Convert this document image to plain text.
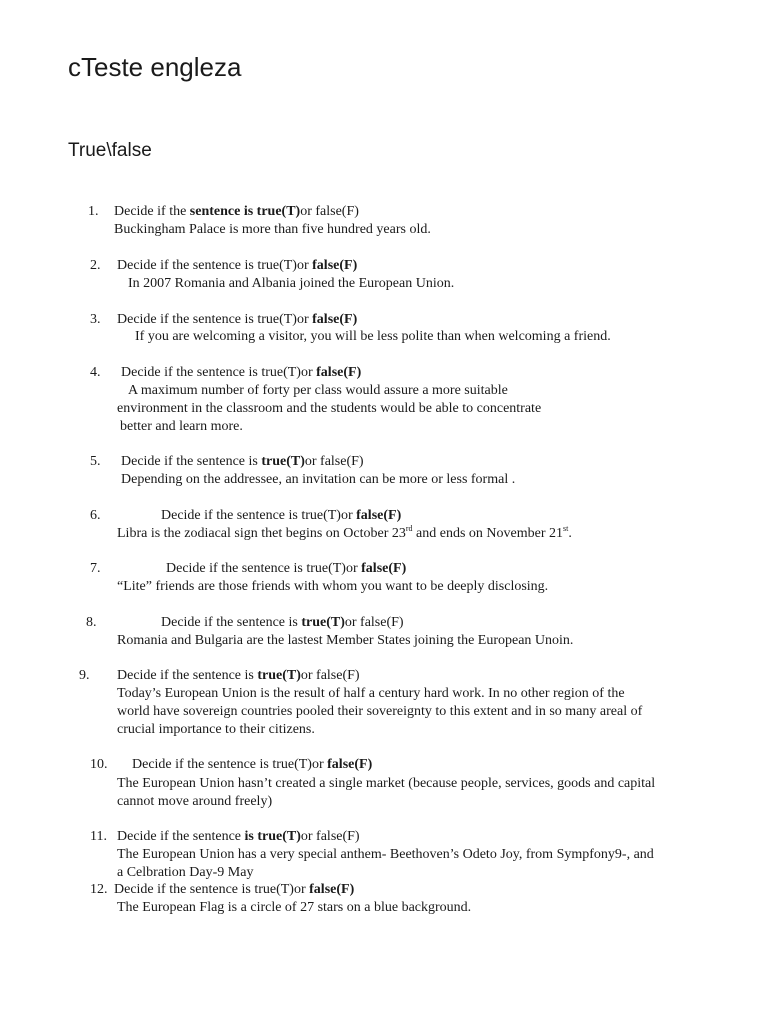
cTeste engleza
True\false
1. Decide if the sentence is true(T)or false(F)
Buckingham Palace is more than five hundred years old.
2. Decide if the sentence is true(T)or false(F)
In 2007 Romania and Albania joined the European Union.
3. Decide if the sentence is true(T)or false(F)
If you are welcoming a visitor, you will be less polite than when welcoming a friend.
4. Decide if the sentence is true(T)or false(F)
A maximum number of forty per class would assure a more suitable
environment in the classroom and the students would be able to concentrate
better and learn more.
5. Decide if the sentence is true(T)or false(F)
Depending on the addressee, an invitation can be more or less formal .
6.	Decide if the sentence is true(T)or false(F)
Libra is the zodiacal sign thet begins on October 23rd and ends on November 21st.
7.	Decide if the sentence is true(T)or false(F)
“Lite” friends are those friends with whom you want to be deeply disclosing.
8.	Decide if the sentence is true(T)or false(F)
Romania and Bulgaria are the lastest Member States joining the European Unoin.
9. Decide if the sentence is true(T)or false(F)
Today’s European Union is the result of half a century hard work. In no other region of the
world have sovereign countries pooled their sovereignty to this extent and in so many areal of
crucial importance to their citizens.
10. Decide if the sentence is true(T)or false(F)
The European Union hasn’t created a single market (because people, services, goods and capital
cannot move around freely)
11. Decide if the sentence is true(T)or false(F)
The European Union has a very special anthem- Beethoven’s Odeto Joy, from Sympfony9-, and
a Celbration Day-9 May
12. Decide if the sentence is true(T)or false(F)
The European Flag is a circle of 27 stars on a blue background.
